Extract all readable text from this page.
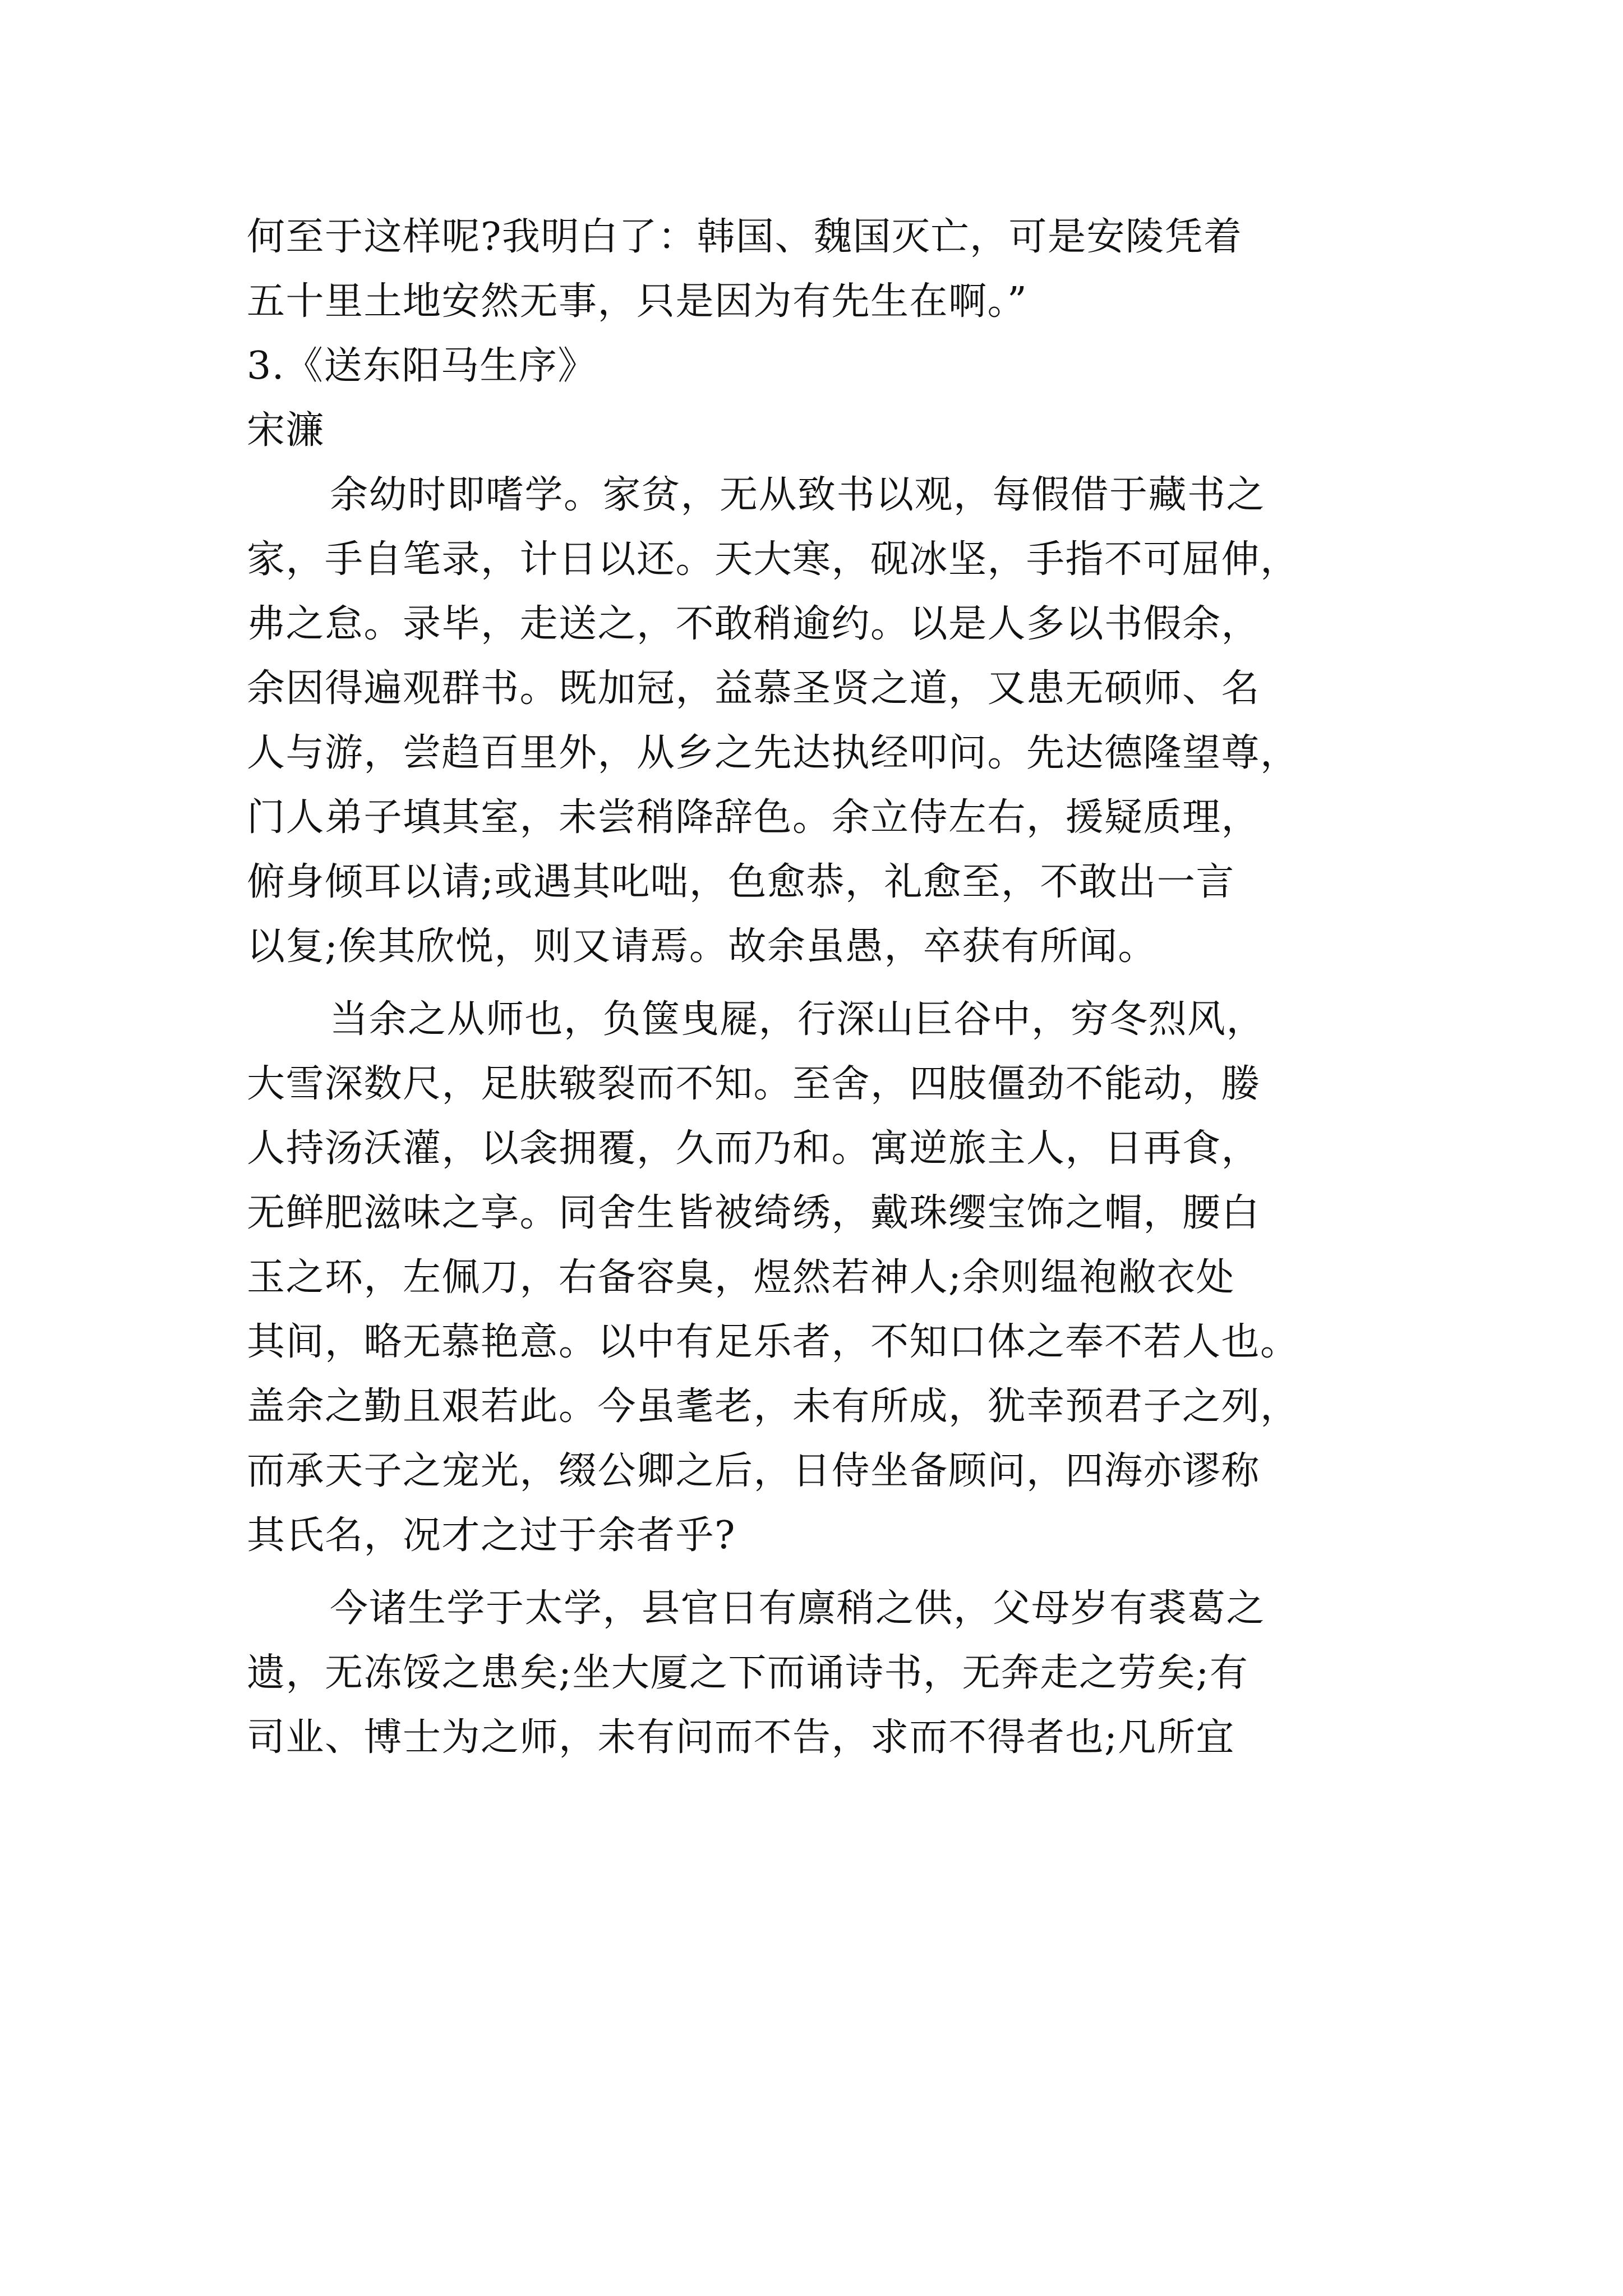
何至于这样呢?我明白了：韩国、魏国灭亡，可是安陵凭着
五十里土地安然无事，只是因为有先生在啊。”

3.《送东阳马生序》

宋濂

余幼时即嗜学。家贫，无从致书以观，每假借于藏书之
家，手自笔录，计日以还。天大寒，砚冰坚，手指不可屈伸，
弗之怠。录毕，走送之，不敢稍逾约。以是人多以书假余，
余因得遍观群书。既加冠，益慕圣贤之道，又患无硕师、名
人与游，尝趋百里外，从乡之先达执经叩问。先达德隆望尊，
门人弟子填其室，未尝稍降辞色。余立侍左右，援疑质理，
俯身倾耳以请;或遇其叱咄，色愈恭，礼愈至，不敢出一言
以复;俟其欣悦，则又请焉。故余虽愚，卒获有所闻。

当余之从师也，负箧曳屣，行深山巨谷中，穷冬烈风，
大雪深数尺，足肤皲裂而不知。至舍，四肢僵劲不能动，媵
人持汤沃灌，以衾拥覆，久而乃和。寓逆旅主人，日再食，
无鲜肥滋味之享。同舍生皆被绮绣，戴珠缨宝饰之帽，腰白
玉之环，左佩刀，右备容臭，煜然若神人;余则缊袍敝衣处
其间，略无慕艳意。以中有足乐者，不知口体之奉不若人也。
盖余之勤且艰若此。今虽耄老，未有所成，犹幸预君子之列，
而承天子之宠光，缀公卿之后，日侍坐备顾问，四海亦谬称
其氏名，况才之过于余者乎?

今诸生学于太学，县官日有廪稍之供，父母岁有裘葛之
遗，无冻馁之患矣;坐大厦之下而诵诗书，无奔走之劳矣;有
司业、博士为之师，未有问而不告，求而不得者也;凡所宜
